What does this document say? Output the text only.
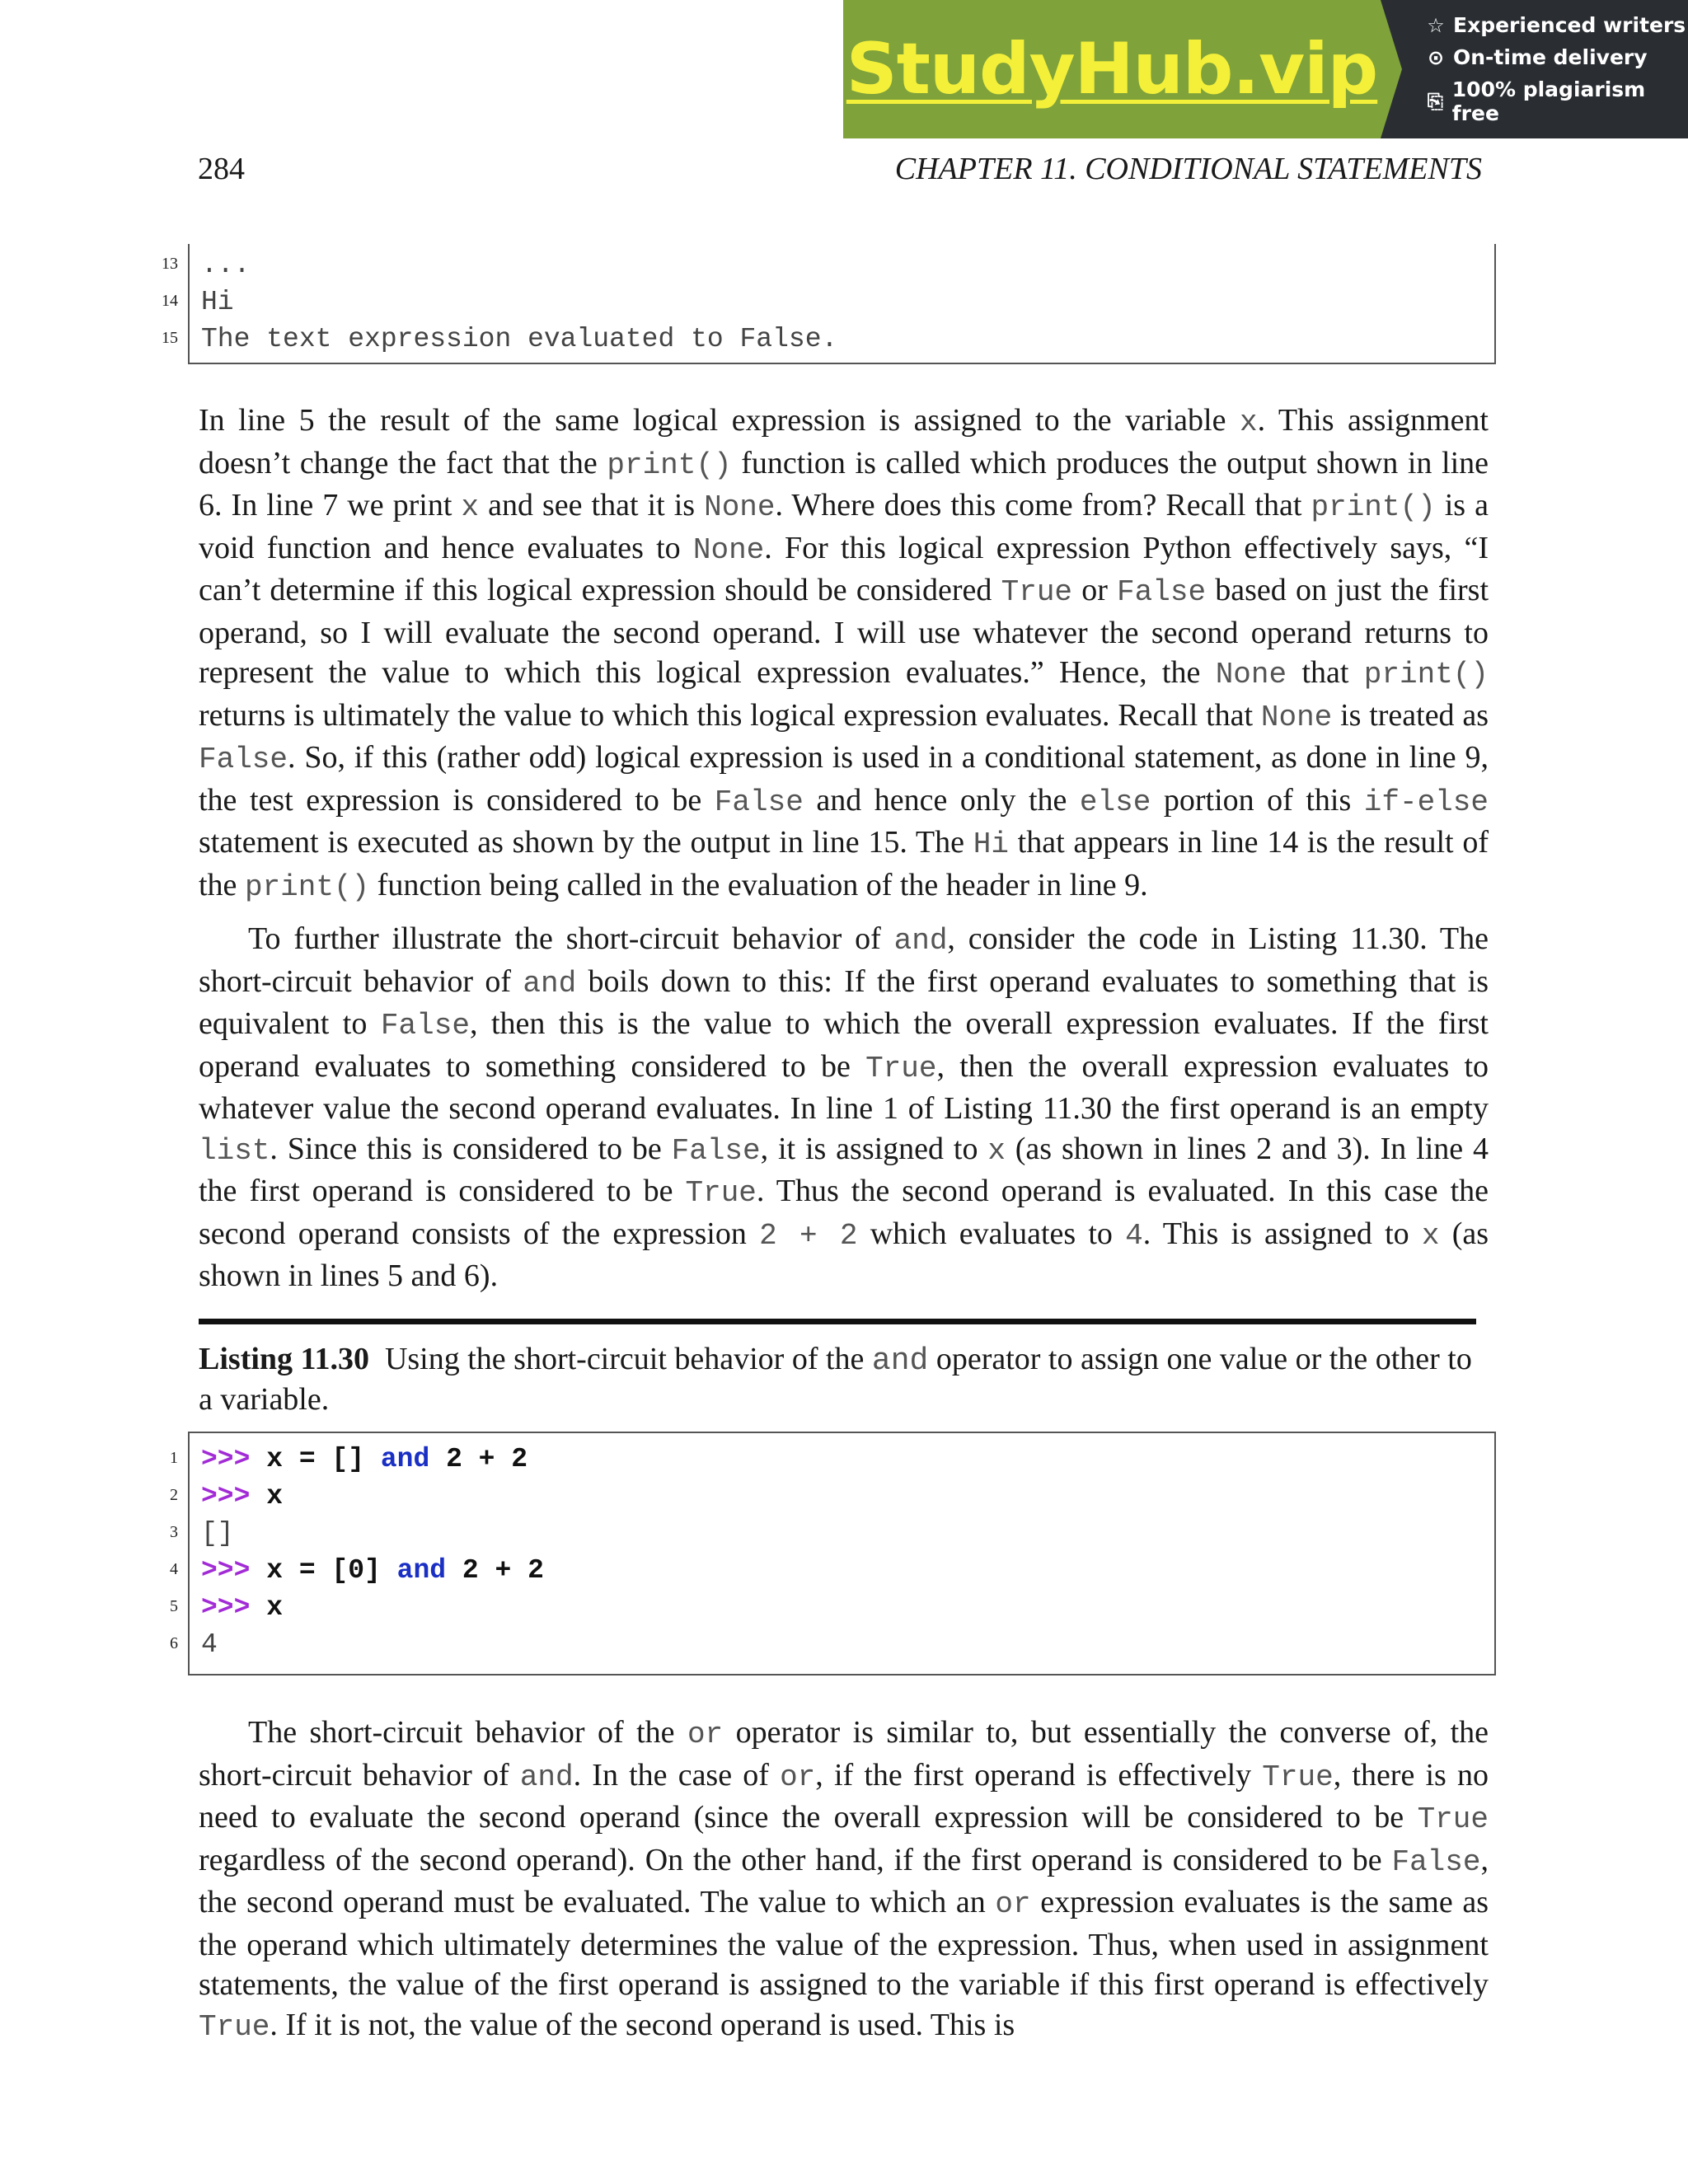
StudyHub.vip
☆ Experienced writers
⊙ On-time delivery
⎘ 100% plagiarism free
284	CHAPTER 11. CONDITIONAL STATEMENTS
13 ...
14 Hi
15 The text expression evaluated to False.

In line 5 the result of the same logical expression is assigned to the variable x. This assignment doesn’t change the fact that the print() function is called which produces the output shown in line 6. In line 7 we print x and see that it is None. Where does this come from? Recall that print() is a void function and hence evaluates to None. For this logical expression Python effectively says, “I can’t determine if this logical expression should be considered True or False based on just the first operand, so I will evaluate the second operand. I will use whatever the second operand returns to represent the value to which this logical expression evaluates.” Hence, the None that print() returns is ultimately the value to which this logical expression evaluates. Recall that None is treated as False. So, if this (rather odd) logical expression is used in a conditional statement, as done in line 9, the test expression is considered to be False and hence only the else portion of this if-else statement is executed as shown by the output in line 15. The Hi that appears in line 14 is the result of the print() function being called in the evaluation of the header in line 9.

To further illustrate the short-circuit behavior of and, consider the code in Listing 11.30. The short-circuit behavior of and boils down to this: If the first operand evaluates to something that is equivalent to False, then this is the value to which the overall expression evaluates. If the first operand evaluates to something considered to be True, then the overall expression evaluates to whatever value the second operand evaluates. In line 1 of Listing 11.30 the first operand is an empty list. Since this is considered to be False, it is assigned to x (as shown in lines 2 and 3). In line 4 the first operand is considered to be True. Thus the second operand is evaluated. In this case the second operand consists of the expression 2 + 2 which evaluates to 4. This is assigned to x (as shown in lines 5 and 6).

Listing 11.30 Using the short-circuit behavior of the and operator to assign one value or the other to a variable.
1 >>> x = [] and 2 + 2
2 >>> x
3 []
4 >>> x = [0] and 2 + 2
5 >>> x
6 4

The short-circuit behavior of the or operator is similar to, but essentially the converse of, the short-circuit behavior of and. In the case of or, if the first operand is effectively True, there is no need to evaluate the second operand (since the overall expression will be considered to be True regardless of the second operand). On the other hand, if the first operand is considered to be False, the second operand must be evaluated. The value to which an or expression evaluates is the same as the operand which ultimately determines the value of the expression. Thus, when used in assignment statements, the value of the first operand is assigned to the variable if this first operand is effectively True. If it is not, the value of the second operand is used. This is
